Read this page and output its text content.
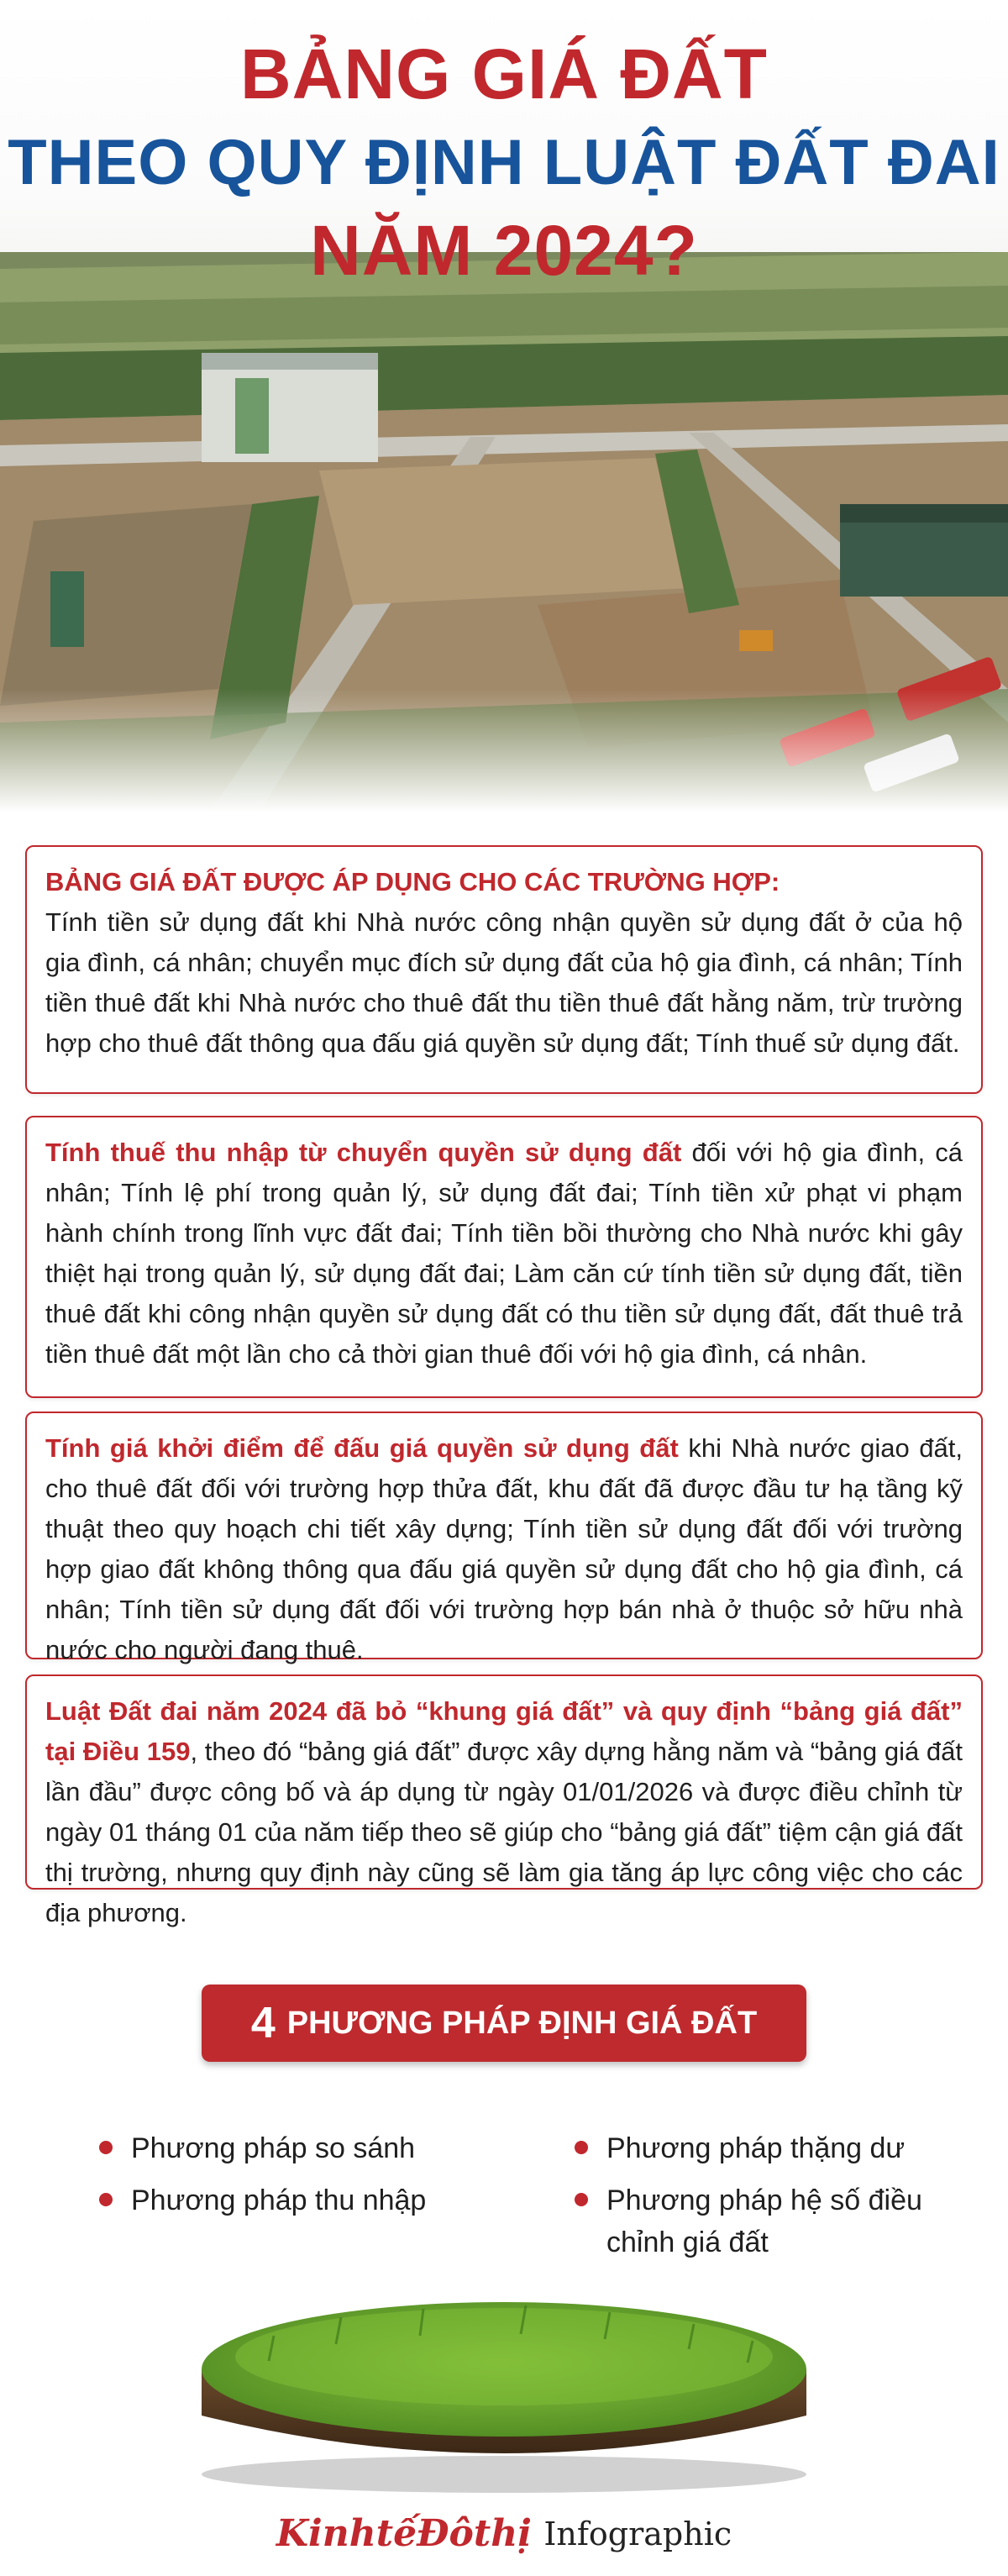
BẢNG GIÁ ĐẤT
THEO QUY ĐỊNH LUẬT ĐẤT ĐAI
NĂM 2024?

BẢNG GIÁ ĐẤT ĐƯỢC ÁP DỤNG CHO CÁC TRƯỜNG HỢP:
Tính tiền sử dụng đất khi Nhà nước công nhận quyền sử dụng đất ở của hộ gia đình, cá nhân; chuyển mục đích sử dụng đất của hộ gia đình, cá nhân; Tính tiền thuê đất khi Nhà nước cho thuê đất thu tiền thuê đất hằng năm, trừ trường hợp cho thuê đất thông qua đấu giá quyền sử dụng đất; Tính thuế sử dụng đất.

Tính thuế thu nhập từ chuyển quyền sử dụng đất đối với hộ gia đình, cá nhân; Tính lệ phí trong quản lý, sử dụng đất đai; Tính tiền xử phạt vi phạm hành chính trong lĩnh vực đất đai; Tính tiền bồi thường cho Nhà nước khi gây thiệt hại trong quản lý, sử dụng đất đai; Làm căn cứ tính tiền sử dụng đất, tiền thuê đất khi công nhận quyền sử dụng đất có thu tiền sử dụng đất, đất thuê trả tiền thuê đất một lần cho cả thời gian thuê đối với hộ gia đình, cá nhân.

Tính giá khởi điểm để đấu giá quyền sử dụng đất khi Nhà nước giao đất, cho thuê đất đối với trường hợp thửa đất, khu đất đã được đầu tư hạ tầng kỹ thuật theo quy hoạch chi tiết xây dựng; Tính tiền sử dụng đất đối với trường hợp giao đất không thông qua đấu giá quyền sử dụng đất cho hộ gia đình, cá nhân; Tính tiền sử dụng đất đối với trường hợp bán nhà ở thuộc sở hữu nhà nước cho người đang thuê.

Luật Đất đai năm 2024 đã bỏ “khung giá đất” và quy định “bảng giá đất” tại Điều 159, theo đó “bảng giá đất” được xây dựng hằng năm và “bảng giá đất lần đầu” được công bố và áp dụng từ ngày 01/01/2026 và được điều chỉnh từ ngày 01 tháng 01 của năm tiếp theo sẽ giúp cho “bảng giá đất” tiệm cận giá đất thị trường, nhưng quy định này cũng sẽ làm gia tăng áp lực công việc cho các địa phương.

4 PHƯƠNG PHÁP ĐỊNH GIÁ ĐẤT
Phương pháp so sánh
Phương pháp thu nhập
Phương pháp thặng dư
Phương pháp hệ số điều chỉnh giá đất
KinhtếĐôthị Infographic
